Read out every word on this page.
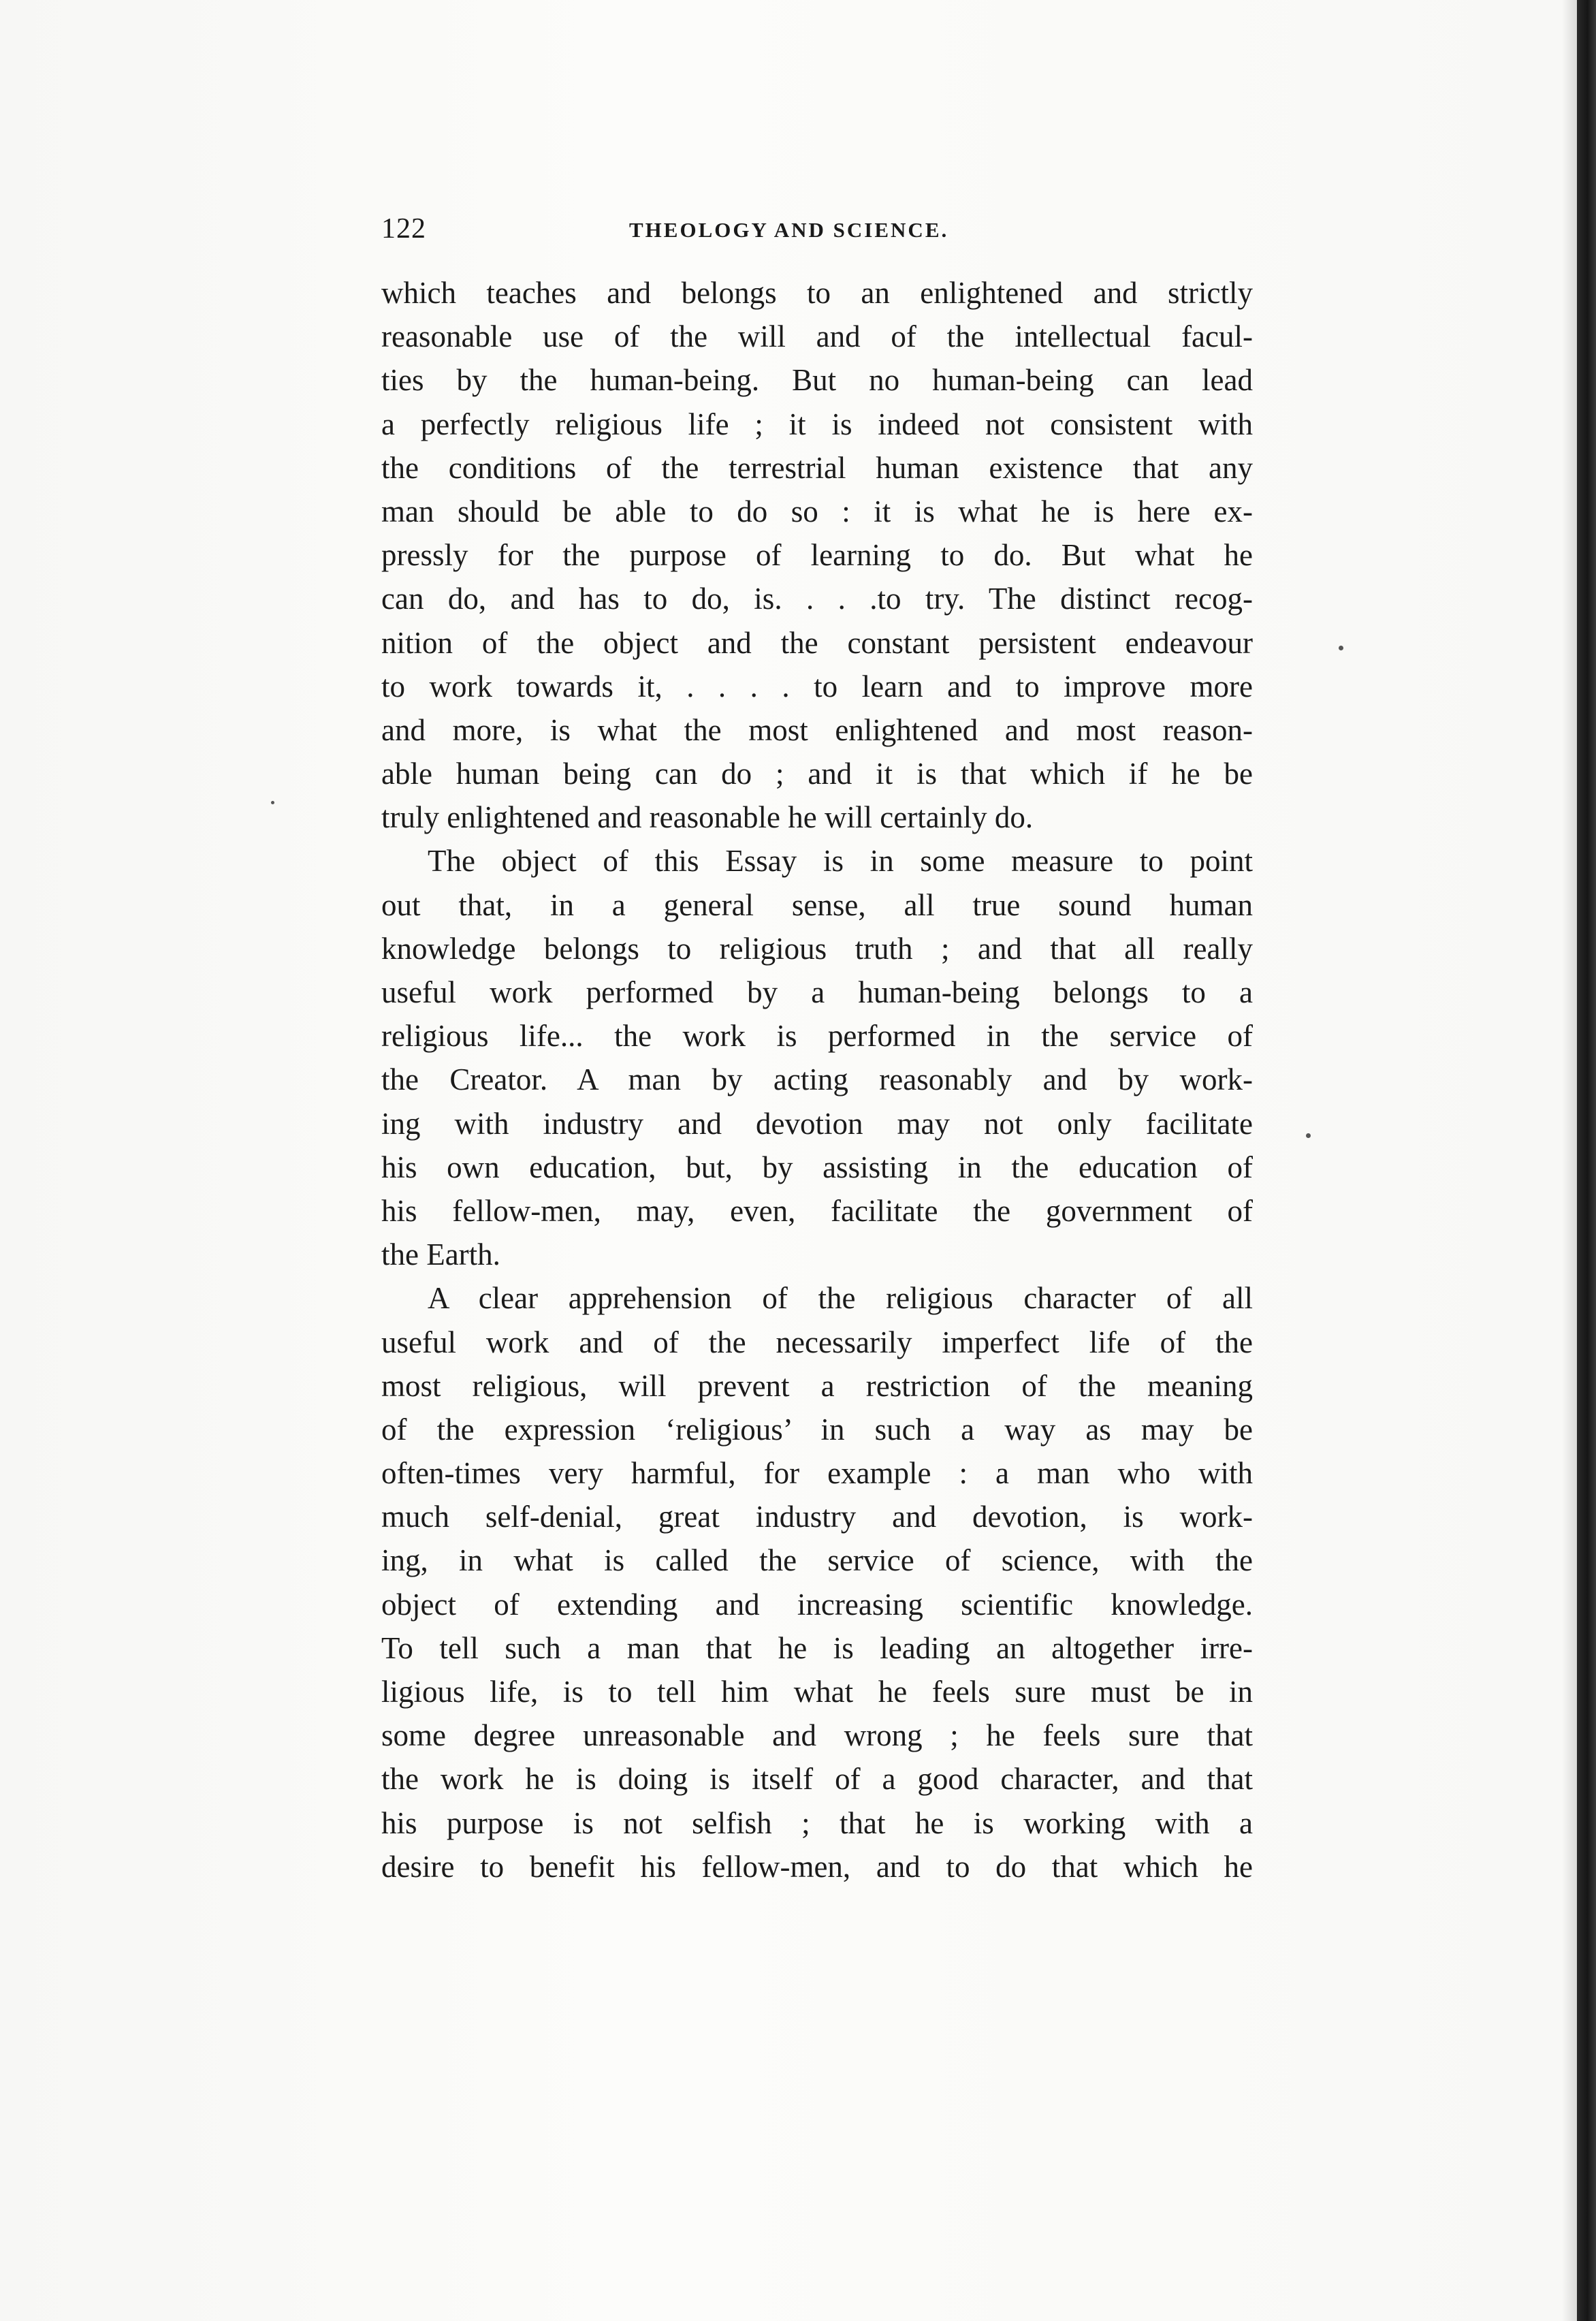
122	THEOLOGY AND SCIENCE.
which teaches and belongs to an enlightened and strictly
reasonable use of the will and of the intellectual facul-
ties by the human-being. But no human-being can lead
a perfectly religious life ; it is indeed not consistent with
the conditions of the terrestrial human existence that any
man should be able to do so : it is what he is here ex-
pressly for the purpose of learning to do. But what he
can do, and has to do, is. . . .to try. The distinct recog-
nition of the object and the constant persistent endeavour
to work towards it, . . . . to learn and to improve more
and more, is what the most enlightened and most reason-
able human being can do ; and it is that which if he be
truly enlightened and reasonable he will certainly do.
The object of this Essay is in some measure to point
out that, in a general sense, all true sound human
knowledge belongs to religious truth ; and that all really
useful work performed by a human-being belongs to a
religious life... the work is performed in the service of
the Creator. A man by acting reasonably and by work-
ing with industry and devotion may not only facilitate
his own education, but, by assisting in the education of
his fellow-men, may, even, facilitate the government of
the Earth.
A clear apprehension of the religious character of all
useful work and of the necessarily imperfect life of the
most religious, will prevent a restriction of the meaning
of the expression ‘religious’ in such a way as may be
often-times very harmful, for example : a man who with
much self-denial, great industry and devotion, is work-
ing, in what is called the service of science, with the
object of extending and increasing scientific knowledge.
To tell such a man that he is leading an altogether irre-
ligious life, is to tell him what he feels sure must be in
some degree unreasonable and wrong ; he feels sure that
the work he is doing is itself of a good character, and that
his purpose is not selfish ; that he is working with a
desire to benefit his fellow-men, and to do that which he
